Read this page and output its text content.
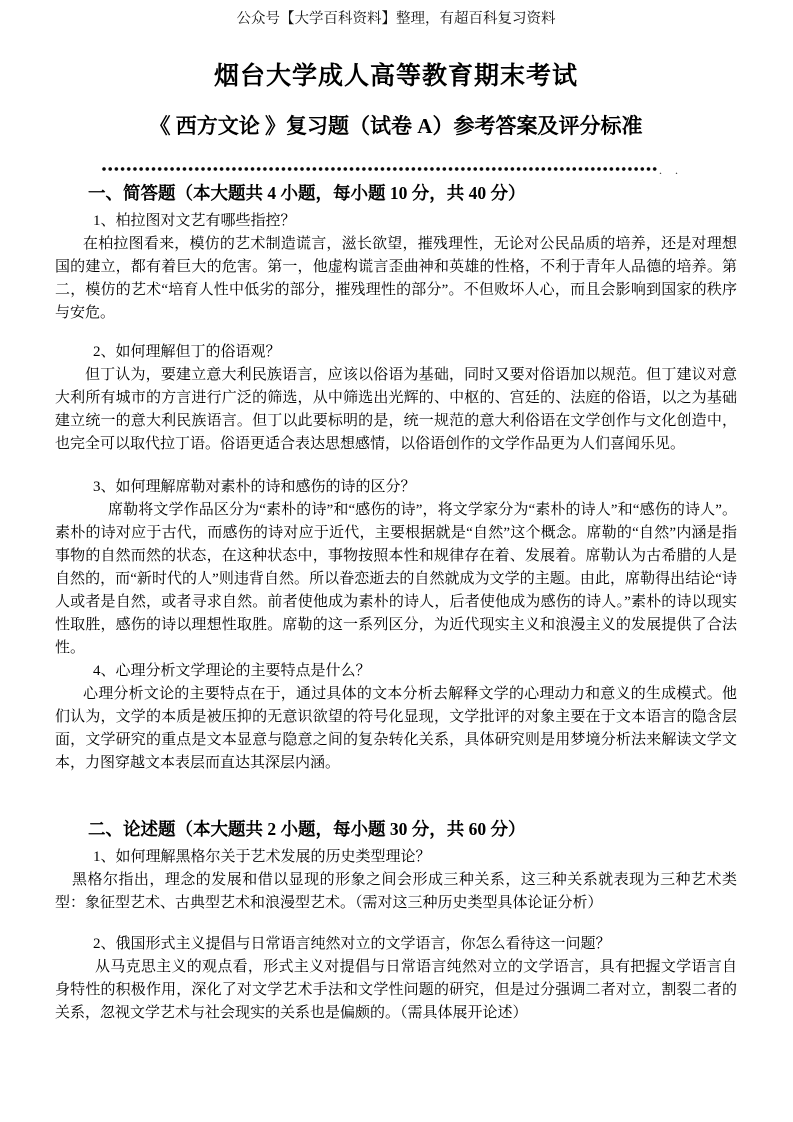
公众号【大学百科资料】整理，有超百科复习资料
烟台大学成人高等教育期末考试
《 西方文论 》复习题（试卷 A）参考答案及评分标准
. .
一、简答题（本大题共 4 小题，每小题 10 分，共 40 分）
1、柏拉图对文艺有哪些指控？

在柏拉图看来，模仿的艺术制造谎言，滋长欲望，摧残理性，无论对公民品质的培养，还是对理想国的建立，都有着巨大的危害。第一，他虚构谎言歪曲神和英雄的性格，不利于青年人品德的培养。第二，模仿的艺术“培育人性中低劣的部分，摧残理性的部分”。不但败坏人心，而且会影响到国家的秩序与安危。

2、如何理解但丁的俗语观？

但丁认为，要建立意大利民族语言，应该以俗语为基础，同时又要对俗语加以规范。但丁建议对意大利所有城市的方言进行广泛的筛选，从中筛选出光辉的、中枢的、宫廷的、法庭的俗语，以之为基础建立统一的意大利民族语言。但丁以此要标明的是，统一规范的意大利俗语在文学创作与文化创造中，也完全可以取代拉丁语。俗语更适合表达思想感情，以俗语创作的文学作品更为人们喜闻乐见。

3、如何理解席勒对素朴的诗和感伤的诗的区分？

席勒将文学作品区分为“素朴的诗”和“感伤的诗”，将文学家分为“素朴的诗人”和“感伤的诗人”。素朴的诗对应于古代，而感伤的诗对应于近代，主要根据就是“自然”这个概念。席勒的“自然”内涵是指事物的自然而然的状态，在这种状态中，事物按照本性和规律存在着、发展着。席勒认为古希腊的人是自然的，而“新时代的人”则违背自然。所以眷恋逝去的自然就成为文学的主题。由此，席勒得出结论“诗人或者是自然，或者寻求自然。前者使他成为素朴的诗人，后者使他成为感伤的诗人。”素朴的诗以现实性取胜，感伤的诗以理想性取胜。席勒的这一系列区分，为近代现实主义和浪漫主义的发展提供了合法性。

4、心理分析文学理论的主要特点是什么？

心理分析文论的主要特点在于，通过具体的文本分析去解释文学的心理动力和意义的生成模式。他们认为，文学的本质是被压抑的无意识欲望的符号化显现，文学批评的对象主要在于文本语言的隐含层面，文学研究的重点是文本显意与隐意之间的复杂转化关系，具体研究则是用梦境分析法来解读文学文本，力图穿越文本表层而直达其深层内涵。

二、论述题（本大题共 2 小题，每小题 30 分，共 60 分）
1、如何理解黑格尔关于艺术发展的历史类型理论？

黑格尔指出，理念的发展和借以显现的形象之间会形成三种关系，这三种关系就表现为三种艺术类型：象征型艺术、古典型艺术和浪漫型艺术。（需对这三种历史类型具体论证分析）

2、俄国形式主义提倡与日常语言纯然对立的文学语言，你怎么看待这一问题？

从马克思主义的观点看，形式主义对提倡与日常语言纯然对立的文学语言，具有把握文学语言自身特性的积极作用，深化了对文学艺术手法和文学性问题的研究，但是过分强调二者对立，割裂二者的关系，忽视文学艺术与社会现实的关系也是偏颇的。（需具体展开论述）
